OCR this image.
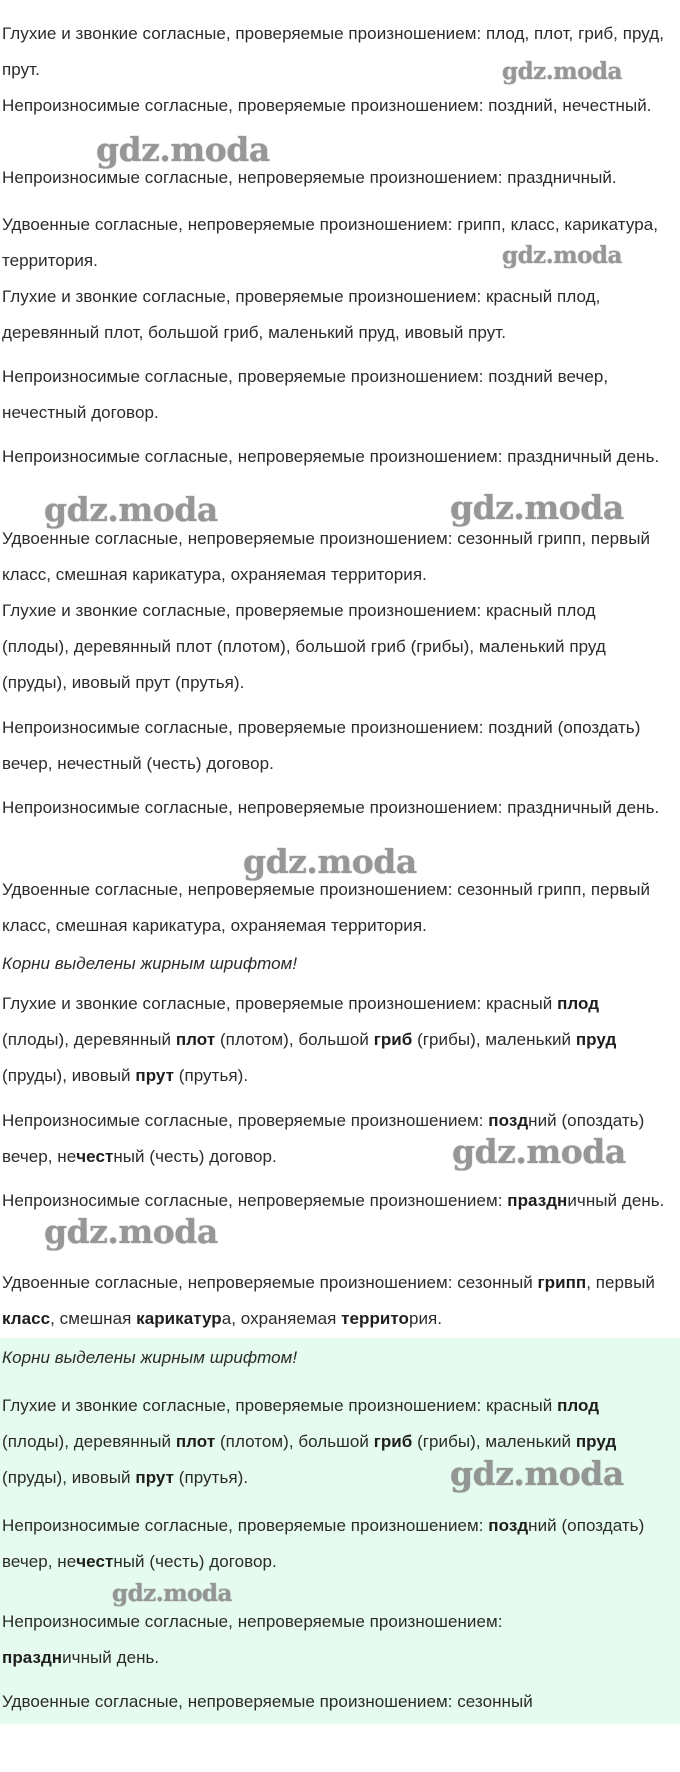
Глухие и звонкие согласные, проверяемые произношением: плод, плот, гриб, пруд, прут.
Непроизносимые согласные, проверяемые произношением: поздний, нечестный.
Непроизносимые согласные, непроверяемые произношением: праздничный.
Удвоенные согласные, непроверяемые произношением: грипп, класс, карикатура, территория.
Глухие и звонкие согласные, проверяемые произношением: красный плод, деревянный плот, большой гриб, маленький пруд, ивовый прут.
Непроизносимые согласные, проверяемые произношением: поздний вечер, нечестный договор.
Непроизносимые согласные, непроверяемые произношением: праздничный день.
Удвоенные согласные, непроверяемые произношением: сезонный грипп, первый класс, смешная карикатура, охраняемая территория.
Глухие и звонкие согласные, проверяемые произношением: красный плод (плоды), деревянный плот (плотом), большой гриб (грибы), маленький пруд (пруды), ивовый прут (прутья).
Непроизносимые согласные, проверяемые произношением: поздний (опоздать) вечер, нечестный (честь) договор.
Непроизносимые согласные, непроверяемые произношением: праздничный день.
Удвоенные согласные, непроверяемые произношением: сезонный грипп, первый класс, смешная карикатура, охраняемая территория.
Корни выделены жирным шрифтом!
Глухие и звонкие согласные, проверяемые произношением: красный плод (плоды), деревянный плот (плотом), большой гриб (грибы), маленький пруд (пруды), ивовый прут (прутья).
Непроизносимые согласные, проверяемые произношением: поздний (опоздать) вечер, нечестный (честь) договор.
Непроизносимые согласные, непроверяемые произношением: праздничный день.
Удвоенные согласные, непроверяемые произношением: сезонный грипп, первый класс, смешная карикатура, охраняемая территория.
Корни выделены жирным шрифтом!
Глухие и звонкие согласные, проверяемые произношением: красный плод (плоды), деревянный плот (плотом), большой гриб (грибы), маленький пруд (пруды), ивовый прут (прутья).
Непроизносимые согласные, проверяемые произношением: поздний (опоздать) вечер, нечестный (честь) договор.
Непроизносимые согласные, непроверяемые произношением: праздничный день.
Удвоенные согласные, непроверяемые произношением: сезонный
gdz.moda
gdz.moda
gdz.moda
gdz.moda	gdz.moda
gdz.moda
gdz.moda
gdz.moda
gdz.moda
gdz.moda
